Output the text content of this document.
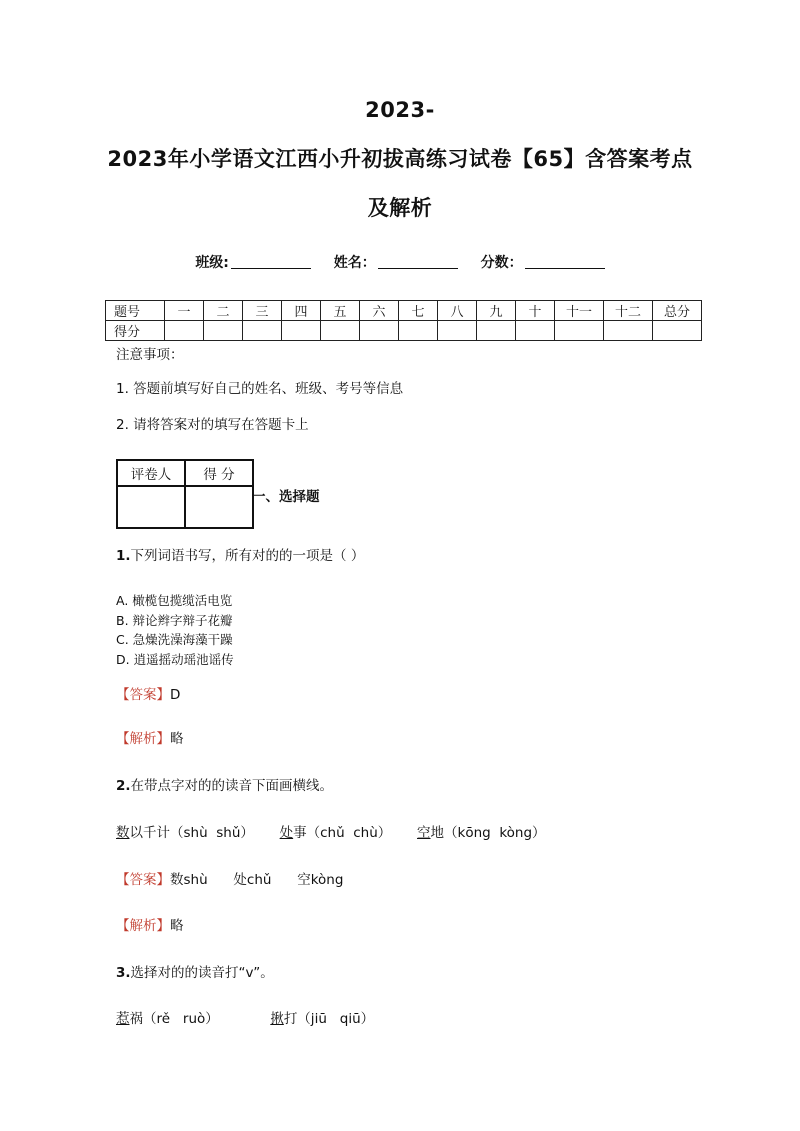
2023-
2023年小学语文江西小升初拔高练习试卷【65】含答案考点
及解析
班级:	姓名：	分数：
题号	一	二	三	四	五	六	七	八	九	十	十一	十二	总分
得分													
注意事项：
1. 答题前填写好自己的姓名、班级、考号等信息
2. 请将答案对的填写在答题卡上
评卷人	得 分

一、选择题
1.下列词语书写，所有对的的一项是（ ）
A. 橄榄包揽缆活电览
B. 辩论辫字辩子花瓣
C. 急燥洗澡海藻干躁
D. 逍遥摇动瑶池谣传
【答案】D
【解析】略
2.在带点字对的的读音下面画横线。
数以千计（shù  shǔ） 处事（chǔ  chù） 空地（kōng  kòng）
【答案】数shù 处chǔ 空kòng
【解析】略
3.选择对的的读音打“v”。
惹祸（rě   ruò）	揪打（jiū   qiū）
